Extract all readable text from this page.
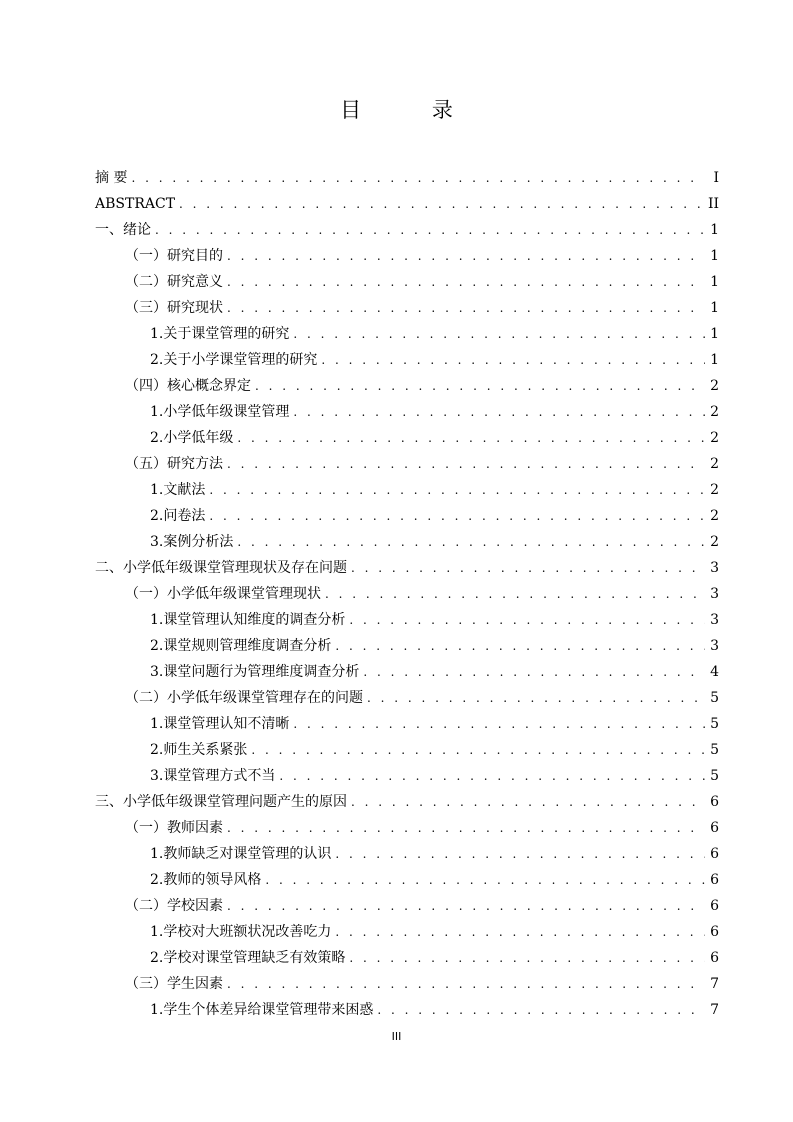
目 录
摘 要 . . .	I
ABSTRACT . . .	II
一、绪论 . . .	1
（一）研究目的 . . .	1
（二）研究意义 . . .	1
（三）研究现状 . . .	1
1.关于课堂管理的研究 . . .	1
2.关于小学课堂管理的研究 . . .	1
（四）核心概念界定 . . .	2
1.小学低年级课堂管理 . . .	2
2.小学低年级 . . .	2
（五）研究方法 . . .	2
1.文献法 . . .	2
2.问卷法 . . .	2
3.案例分析法 . . .	2
二、小学低年级课堂管理现状及存在问题 . . .	3
（一）小学低年级课堂管理现状 . . .	3
1.课堂管理认知维度的调查分析 . . .	3
2.课堂规则管理维度调查分析 . . .	3
3.课堂问题行为管理维度调查分析 . . .	4
（二）小学低年级课堂管理存在的问题 . . .	5
1.课堂管理认知不清晰 . . .	5
2.师生关系紧张 . . .	5
3.课堂管理方式不当 . . .	5
三、小学低年级课堂管理问题产生的原因 . . .	6
（一）教师因素 . . .	6
1.教师缺乏对课堂管理的认识 . . .	6
2.教师的领导风格 . . .	6
（二）学校因素 . . .	6
1.学校对大班额状况改善吃力 . . .	6
2.学校对课堂管理缺乏有效策略 . . .	6
（三）学生因素 . . .	7
1.学生个体差异给课堂管理带来困惑 . . .	7
III
